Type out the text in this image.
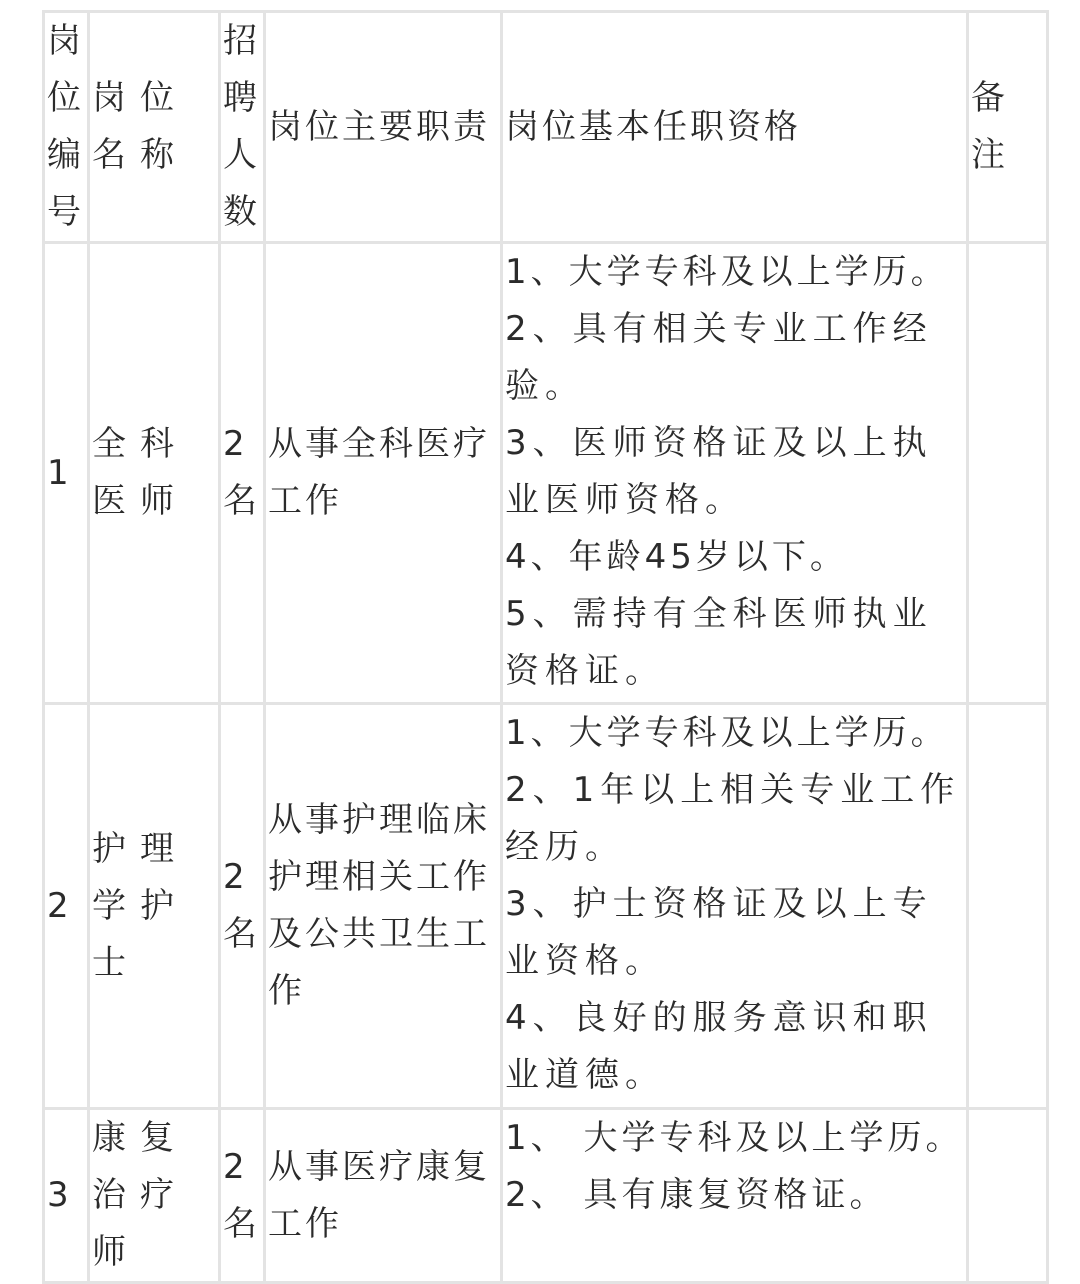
岗位编号	岗位名称	招聘人数	岗位主要职责	岗位基本任职资格	备注
1	全科医师	2名	从事全科医疗工作	1、大学专科及以上学历。
2、具有相关专业工作经验。
3、医师资格证及以上执业医师资格。
4、年龄45岁以下。
5、需持有全科医师执业资格证。	

2	护理学护士	2名	从事护理临床护理相关工作及公共卫生工作	1、大学专科及以上学历。
2、1年以上相关专业工作经历。
3、护士资格证及以上专业资格。
4、良好的服务意识和职业道德。	

3	康复治疗师	2名	从事医疗康复工作	1、 大学专科及以上学历。
2、 具有康复资格证。	
